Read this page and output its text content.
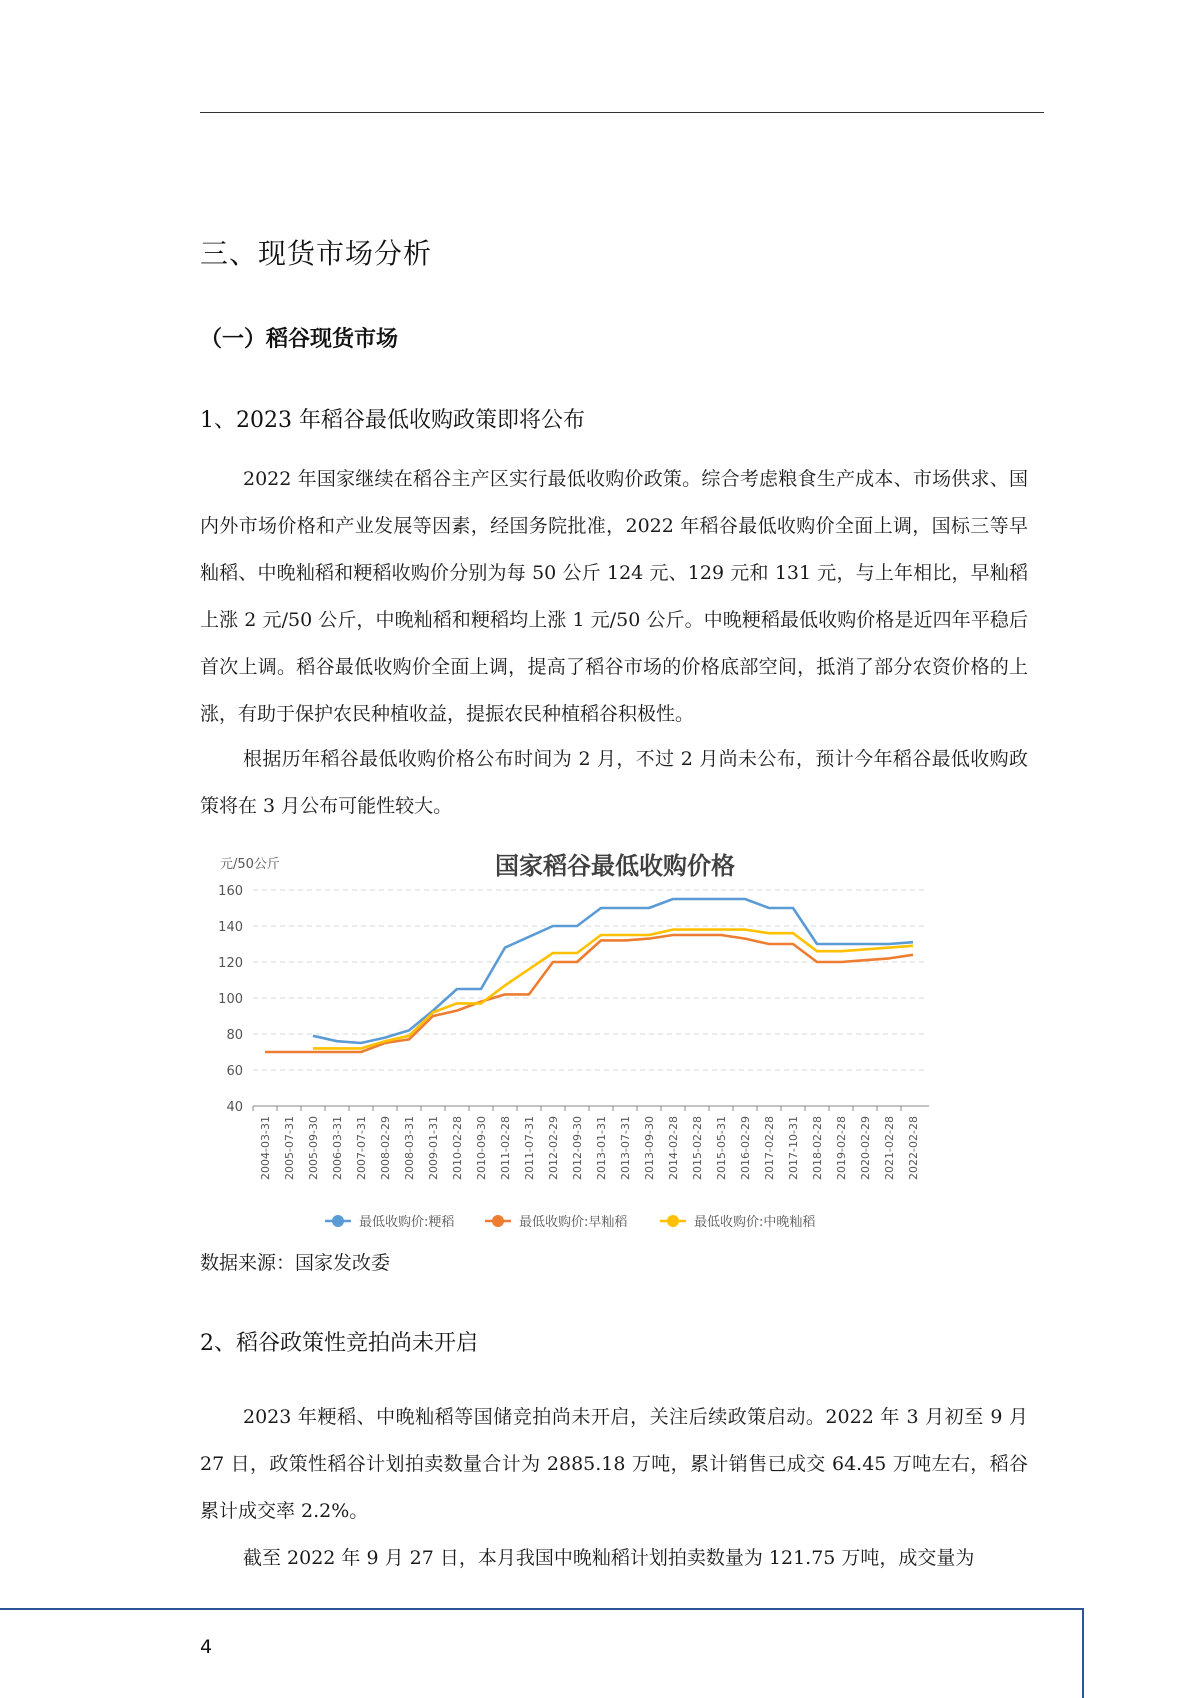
三、现货市场分析
（一）稻谷现货市场
1、2023 年稻谷最低收购政策即将公布

2022 年国家继续在稻谷主产区实行最低收购价政策。综合考虑粮食生产成本、市场供求、国内外市场价格和产业发展等因素，经国务院批准，2022 年稻谷最低收购价全面上调，国标三等早籼稻、中晚籼稻和粳稻收购价分别为每 50 公斤 124 元、129 元和 131 元，与上年相比，早籼稻上涨 2 元/50 公斤，中晚籼稻和粳稻均上涨 1 元/50 公斤。中晚粳稻最低收购价格是近四年平稳后首次上调。稻谷最低收购价全面上调，提高了稻谷市场的价格底部空间，抵消了部分农资价格的上涨，有助于保护农民种植收益，提振农民种植稻谷积极性。

根据历年稻谷最低收购价格公布时间为 2 月，不过 2 月尚未公布，预计今年稻谷最低收购政策将在 3 月公布可能性较大。

40
60
80
100
120
140
160
2004-03-31 2005-07-31 2005-09-30 2006-03-31 2007-07-31 2008-02-29 2008-03-31 2009-01-31 2010-02-28 2010-09-30 2011-02-28 2011-07-31 2012-02-29 2012-09-30 2013-01-31 2013-07-31 2013-09-30 2014-02-28 2015-02-28 2015-05-31 2016-02-29 2017-02-28 2017-10-31 2018-02-28 2019-02-28 2020-02-29 2021-02-28 2022-02-28
最低收购价:粳稻	最低收购价:早籼稻	最低收购价:中晚籼稻
国家稻谷最低收购价格
元/50公斤
数据来源：国家发改委
2、稻谷政策性竞拍尚未开启

2023 年粳稻、中晚籼稻等国储竞拍尚未开启，关注后续政策启动。2022 年 3 月初至 9 月 27 日，政策性稻谷计划拍卖数量合计为 2885.18 万吨，累计销售已成交 64.45 万吨左右，稻谷累计成交率 2.2%。

截至 2022 年 9 月 27 日，本月我国中晚籼稻计划拍卖数量为 121.75 万吨，成交量为

4
